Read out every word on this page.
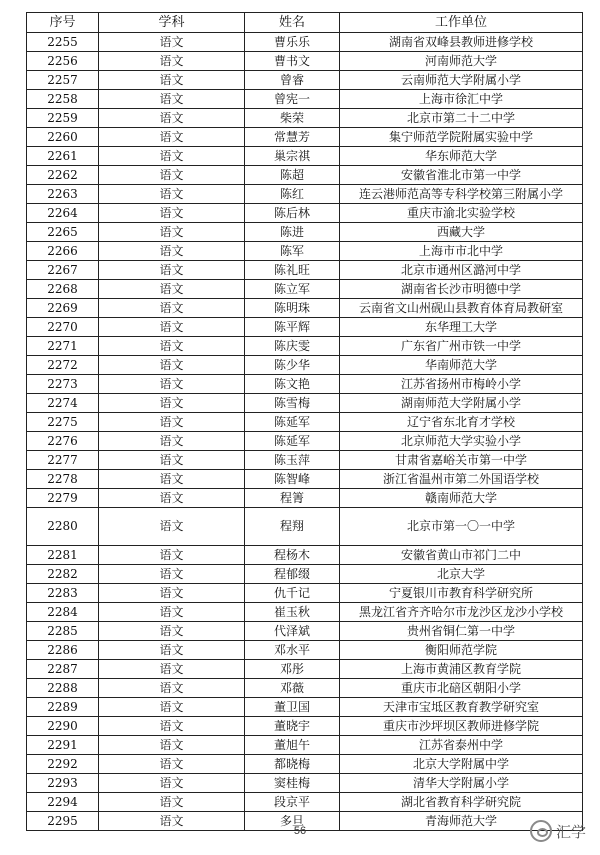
序号	学科	姓名	工作单位
2255	语文	曹乐乐	湖南省双峰县教师进修学校
2256	语文	曹书文	河南师范大学
2257	语文	曾睿	云南师范大学附属小学
2258	语文	曾宪一	上海市徐汇中学
2259	语文	柴荣	北京市第二十二中学
2260	语文	常慧芳	集宁师范学院附属实验中学
2261	语文	巢宗祺	华东师范大学
2262	语文	陈超	安徽省淮北市第一中学
2263	语文	陈红	连云港师范高等专科学校第三附属小学
2264	语文	陈后林	重庆市渝北实验学校
2265	语文	陈进	西藏大学
2266	语文	陈军	上海市市北中学
2267	语文	陈礼旺	北京市通州区潞河中学
2268	语文	陈立军	湖南省长沙市明德中学
2269	语文	陈明珠	云南省文山州砚山县教育体育局教研室
2270	语文	陈平辉	东华理工大学
2271	语文	陈庆雯	广东省广州市铁一中学
2272	语文	陈少华	华南师范大学
2273	语文	陈文艳	江苏省扬州市梅岭小学
2274	语文	陈雪梅	湖南师范大学附属小学
2275	语文	陈延军	辽宁省东北育才学校
2276	语文	陈延军	北京师范大学实验小学
2277	语文	陈玉萍	甘肃省嘉峪关市第一中学
2278	语文	陈智峰	浙江省温州市第二外国语学校
2279	语文	程箐	赣南师范大学
2280	语文	程翔	北京市第一〇一中学
2281	语文	程杨木	安徽省黄山市祁门二中
2282	语文	程郁缀	北京大学
2283	语文	仇千记	宁夏银川市教育科学研究所
2284	语文	崔玉秋	黑龙江省齐齐哈尔市龙沙区龙沙小学校
2285	语文	代泽斌	贵州省铜仁第一中学
2286	语文	邓水平	衡阳师范学院
2287	语文	邓彤	上海市黄浦区教育学院
2288	语文	邓薇	重庆市北碚区朝阳小学
2289	语文	董卫国	天津市宝坻区教育教学研究室
2290	语文	董晓宇	重庆市沙坪坝区教师进修学院
2291	语文	董旭午	江苏省泰州中学
2292	语文	都晓梅	北京大学附属中学
2293	语文	窦桂梅	清华大学附属小学
2294	语文	段京平	湖北省教育科学研究院
2295	语文	多旦	青海师范大学
56	汇学
